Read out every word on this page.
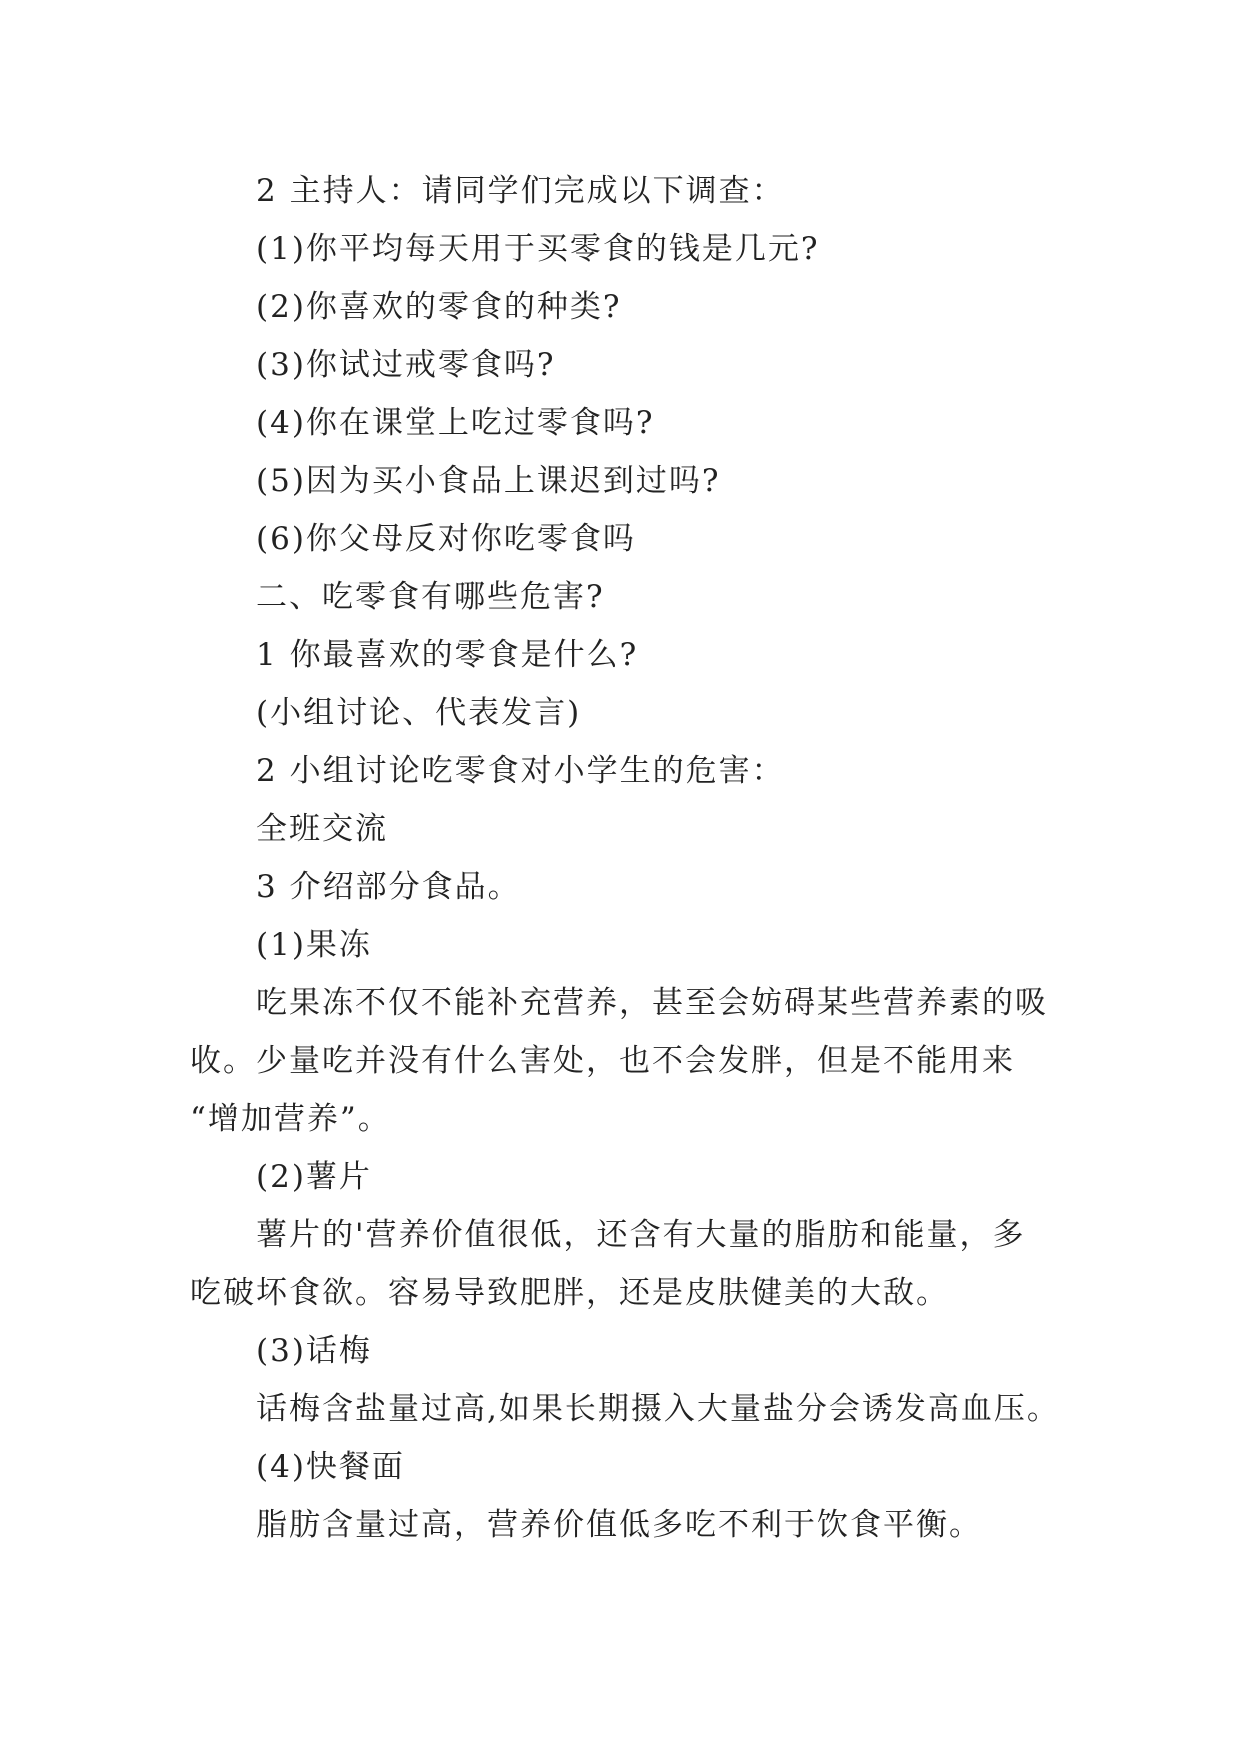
2 主持人：请同学们完成以下调查：

(1)你平均每天用于买零食的钱是几元?

(2)你喜欢的零食的种类?

(3)你试过戒零食吗?

(4)你在课堂上吃过零食吗?

(5)因为买小食品上课迟到过吗?

(6)你父母反对你吃零食吗

二、吃零食有哪些危害?

1 你最喜欢的零食是什么?

(小组讨论、代表发言)

2 小组讨论吃零食对小学生的危害：

全班交流

3 介绍部分食品。

(1)果冻

吃果冻不仅不能补充营养，甚至会妨碍某些营养素的吸
收。少量吃并没有什么害处，也不会发胖，但是不能用来
“增加营养”。

(2)薯片

薯片的'营养价值很低，还含有大量的脂肪和能量，多
吃破坏食欲。容易导致肥胖，还是皮肤健美的大敌。

(3)话梅

话梅含盐量过高,如果长期摄入大量盐分会诱发高血压。

(4)快餐面

脂肪含量过高，营养价值低多吃不利于饮食平衡。
